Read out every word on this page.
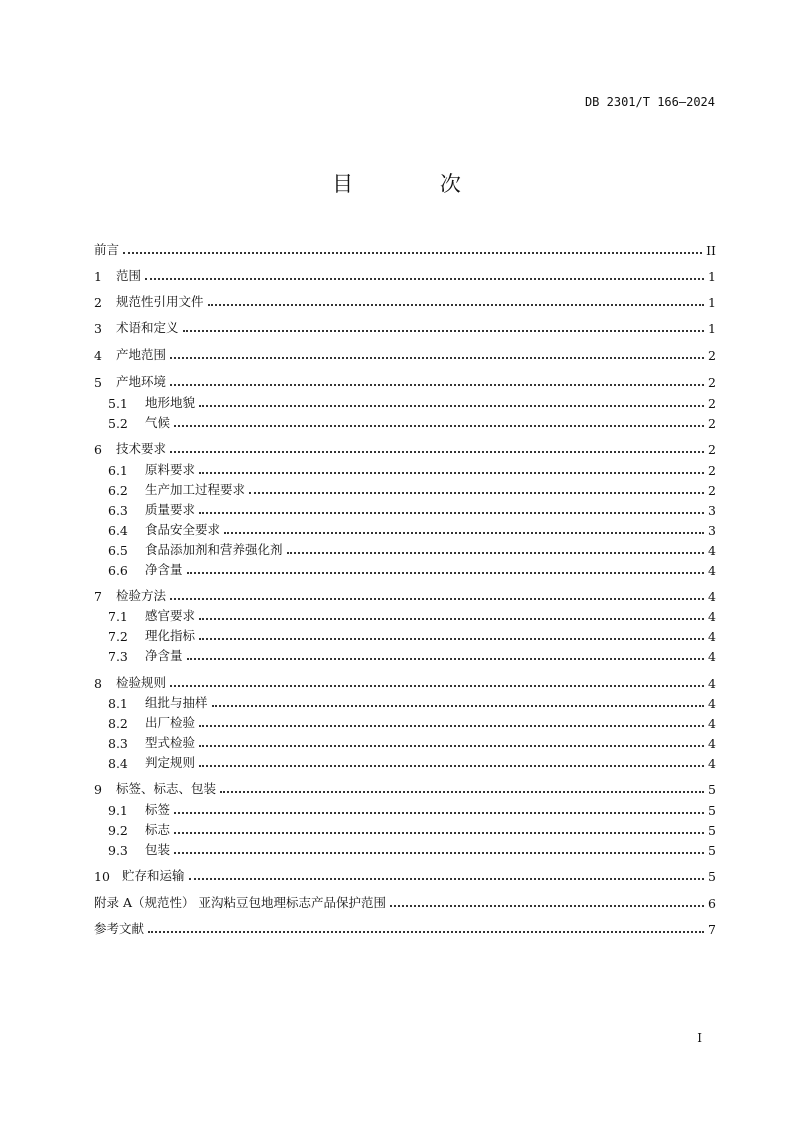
DB 2301/T 166—2024
目 次
前言	II
1	范围	1
2	规范性引用文件	1
3	术语和定义	1
4	产地范围	2
5	产地环境	2
5.1	地形地貌	2
5.2	气候	2
6	技术要求	2
6.1	原料要求	2
6.2	生产加工过程要求	2
6.3	质量要求	3
6.4	食品安全要求	3
6.5	食品添加剂和营养强化剂	4
6.6	净含量	4
7	检验方法	4
7.1	感官要求	4
7.2	理化指标	4
7.3	净含量	4
8	检验规则	4
8.1	组批与抽样	4
8.2	出厂检验	4
8.3	型式检验	4
8.4	判定规则	4
9	标签、标志、包装	5
9.1	标签	5
9.2	标志	5
9.3	包装	5
10 贮存和运输	5
附录 A（规范性） 亚沟粘豆包地理标志产品保护范围	6
参考文献	7
I
